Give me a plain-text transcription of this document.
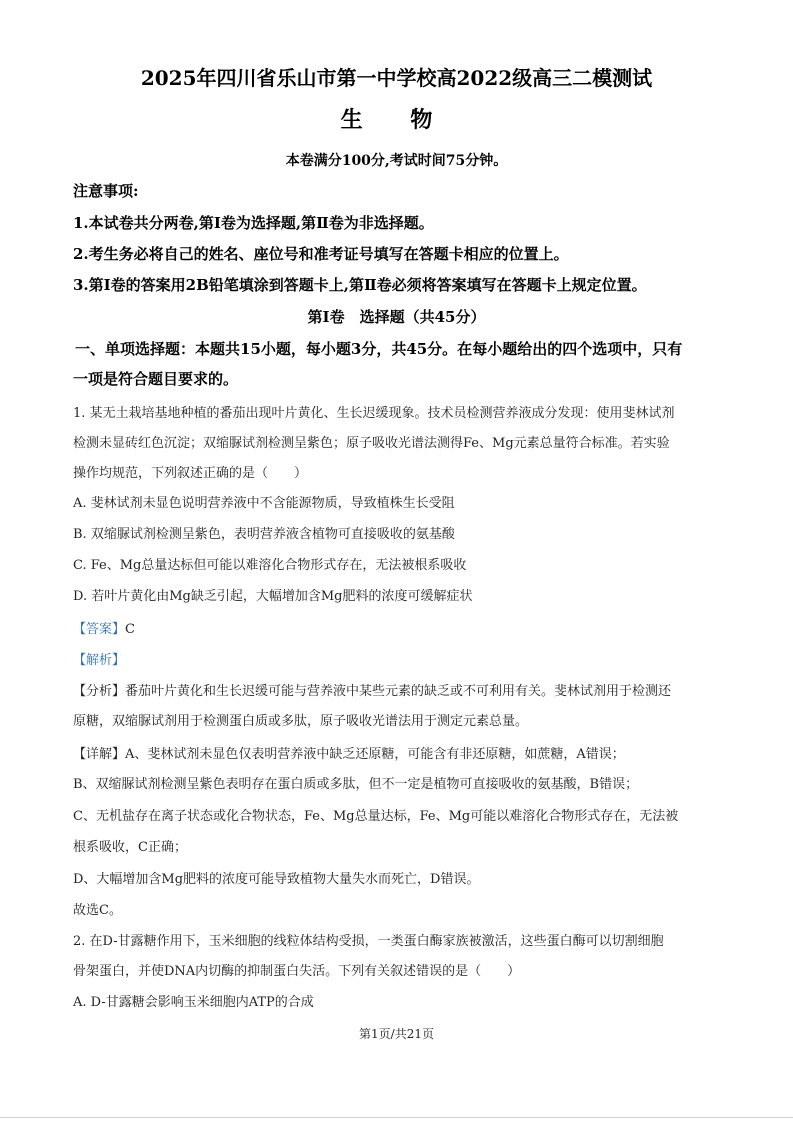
2025年四川省乐山市第一中学校高2022级高三二模测试
生 物
本卷满分100分,考试时间75分钟。
注意事项:
1.本试卷共分两卷,第Ⅰ卷为选择题,第Ⅱ卷为非选择题。
2.考生务必将自己的姓名、座位号和准考证号填写在答题卡相应的位置上。
3.第Ⅰ卷的答案用2B铅笔填涂到答题卡上,第Ⅱ卷必须将答案填写在答题卡上规定位置。
第Ⅰ卷　选择题（共45分）
一、单项选择题：本题共15小题，每小题3分，共45分。在每小题给出的四个选项中，只有
一项是符合题目要求的。
1. 某无土栽培基地种植的番茄出现叶片黄化、生长迟缓现象。技术员检测营养液成分发现：使用斐林试剂
检测未显砖红色沉淀；双缩脲试剂检测呈紫色；原子吸收光谱法测得Fe、Mg元素总量符合标准。若实验
操作均规范，下列叙述正确的是（　　）
A. 斐林试剂未显色说明营养液中不含能源物质，导致植株生长受阻
B. 双缩脲试剂检测呈紫色，表明营养液含植物可直接吸收的氨基酸
C. Fe、Mg总量达标但可能以难溶化合物形式存在，无法被根系吸收
D. 若叶片黄化由Mg缺乏引起，大幅增加含Mg肥料的浓度可缓解症状
【答案】C
【解析】
【分析】番茄叶片黄化和生长迟缓可能与营养液中某些元素的缺乏或不可利用有关。斐林试剂用于检测还
原糖，双缩脲试剂用于检测蛋白质或多肽，原子吸收光谱法用于测定元素总量。
【详解】A、斐林试剂未显色仅表明营养液中缺乏还原糖，可能含有非还原糖，如蔗糖，A错误；
B、双缩脲试剂检测呈紫色表明存在蛋白质或多肽，但不一定是植物可直接吸收的氨基酸，B错误；
C、无机盐存在离子状态或化合物状态，Fe、Mg总量达标，Fe、Mg可能以难溶化合物形式存在，无法被
根系吸收，C正确；
D、大幅增加含Mg肥料的浓度可能导致植物大量失水而死亡，D错误。
故选C。
2. 在D-甘露糖作用下，玉米细胞的线粒体结构受损，一类蛋白酶家族被激活，这些蛋白酶可以切割细胞
骨架蛋白，并使DNA内切酶的抑制蛋白失活。下列有关叙述错误的是（　　）
A. D-甘露糖会影响玉米细胞内ATP的合成
第1页/共21页
